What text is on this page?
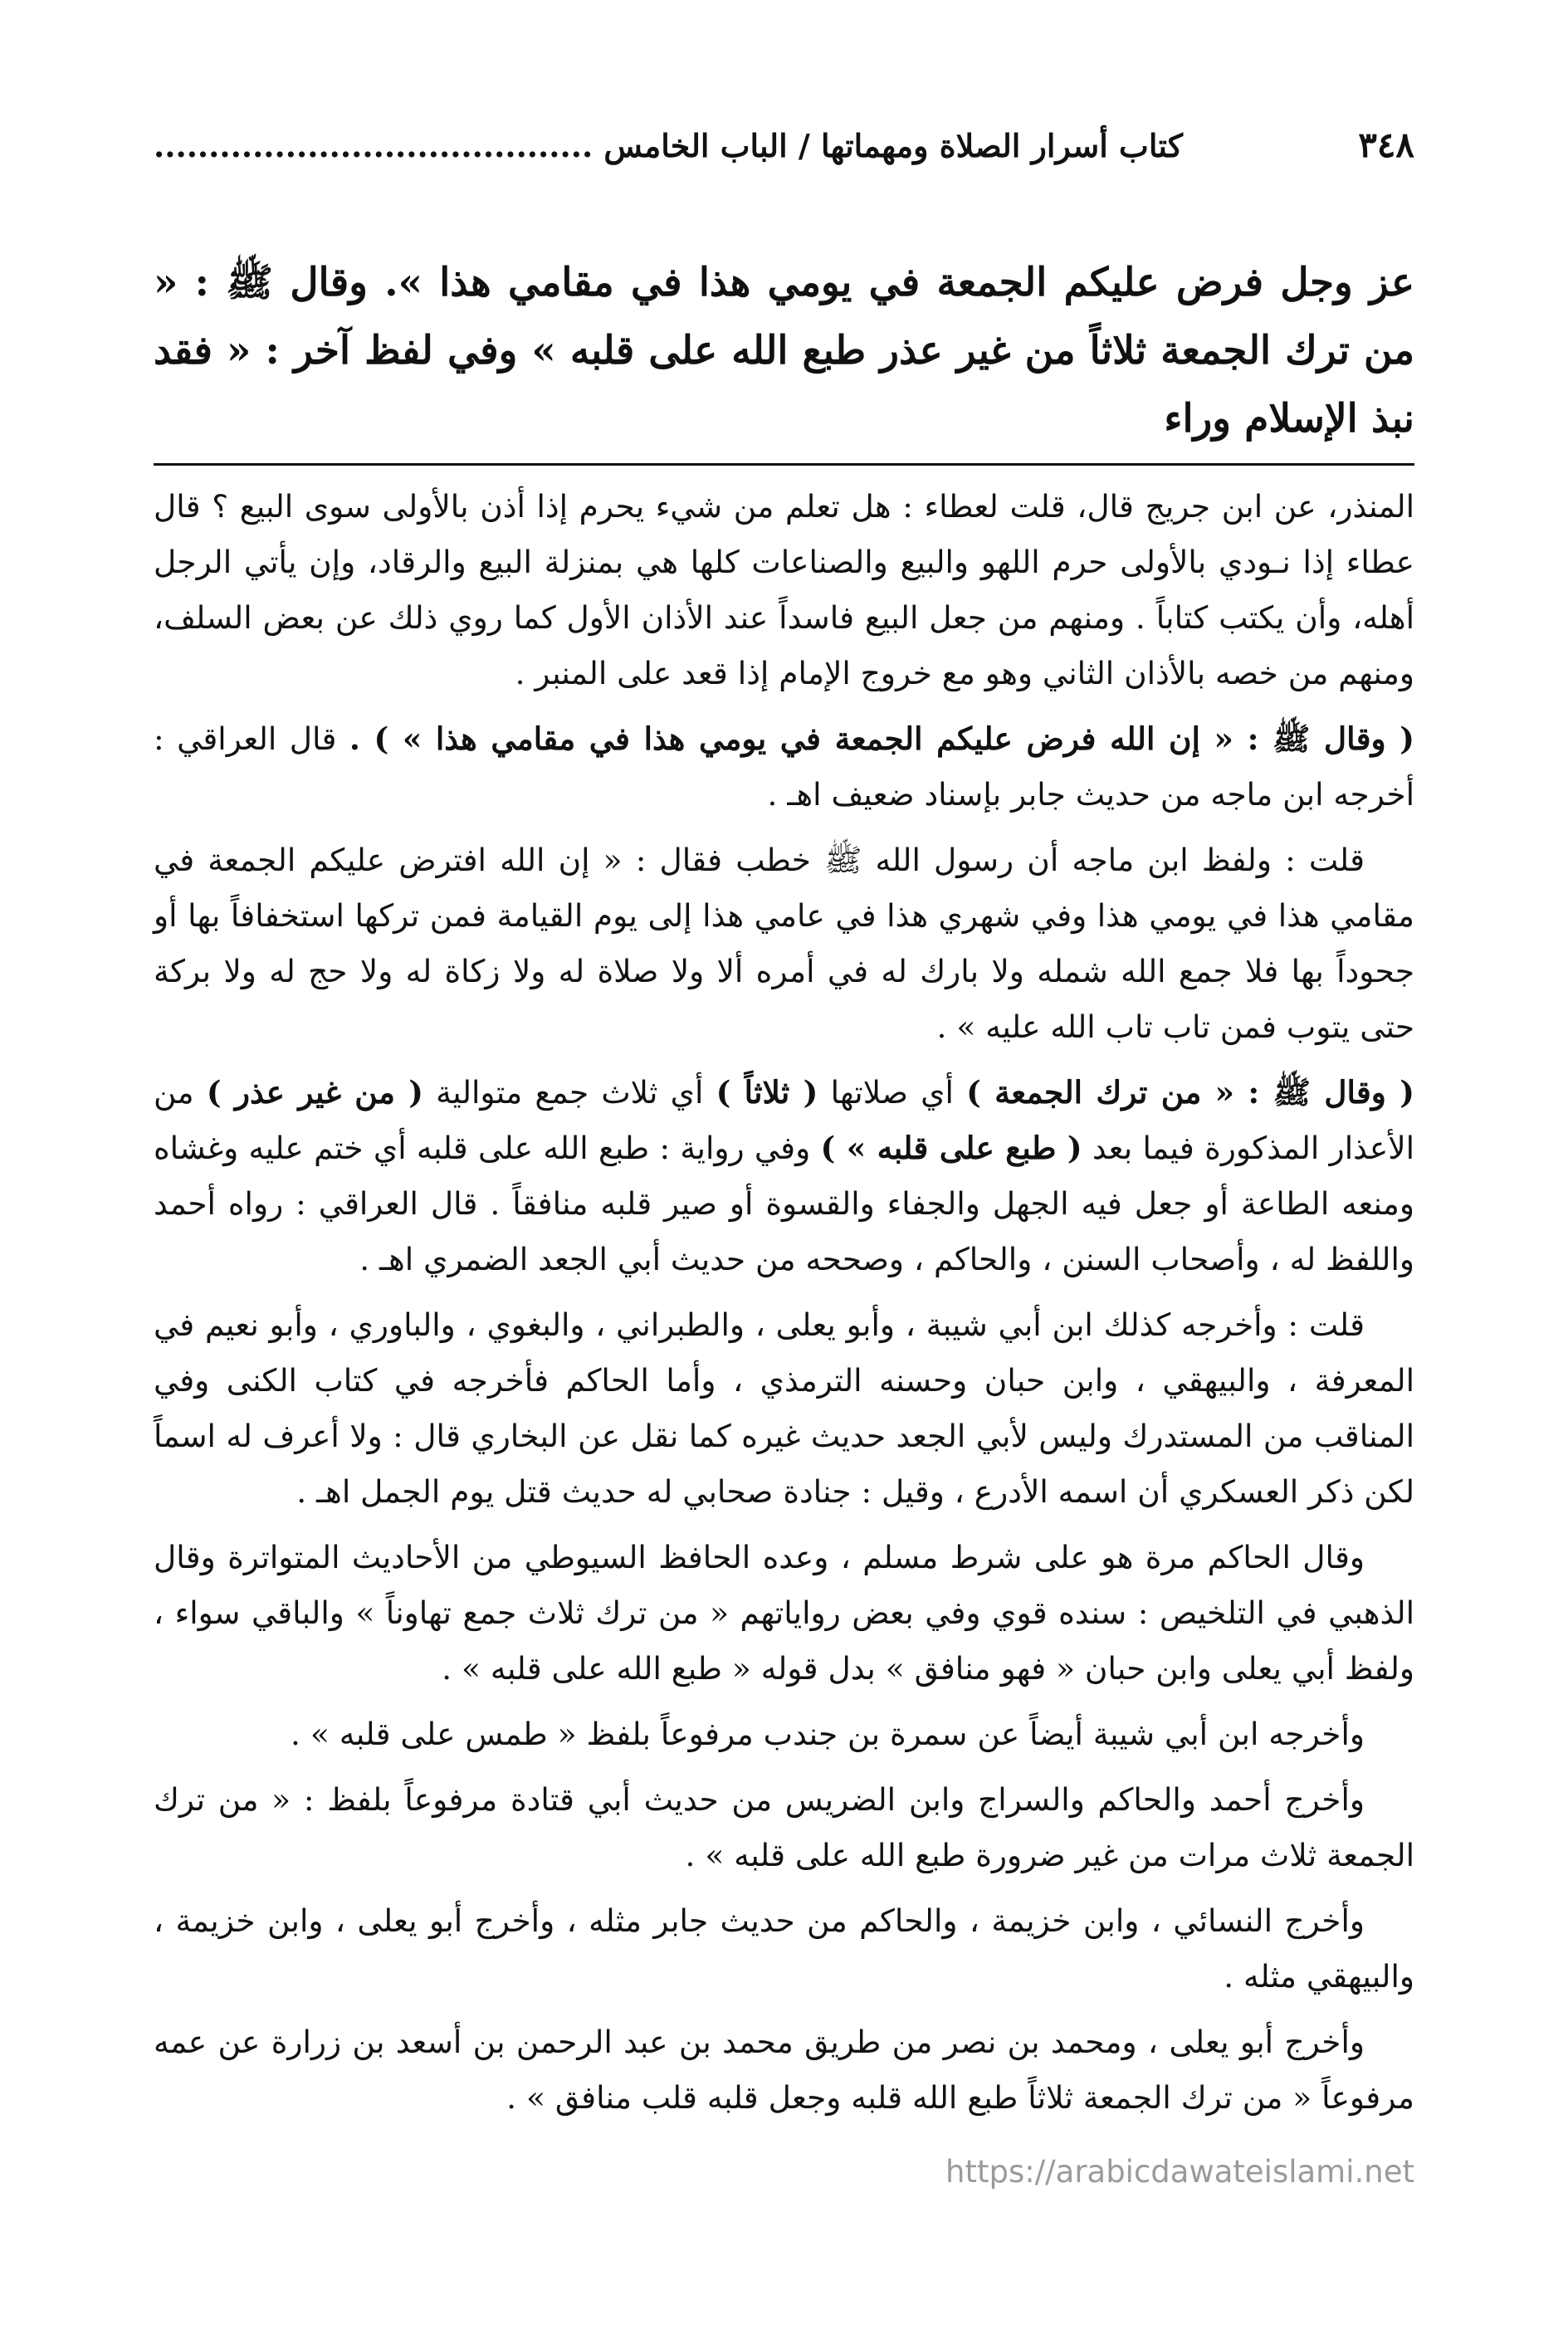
٣٤٨
كتاب أسرار الصلاة ومهماتها / الباب الخامس ........................................

عز وجل فرض عليكم الجمعة في يومي هذا في مقامي هذا ». وقال ﷺ : « من ترك الجمعة ثلاثاً من غير عذر طبع الله على قلبه » وفي لفظ آخر : « فقد نبذ الإسلام وراء

المنذر، عن ابن جريج قال، قلت لعطاء : هل تعلم من شيء يحرم إذا أذن بالأولى سوى البيع ؟ قال عطاء إذا نـودي بالأولى حرم اللهو والبيع والصناعات كلها هي بمنزلة البيع والرقاد، وإن يأتي الرجل أهله، وأن يكتب كتاباً . ومنهم من جعل البيع فاسداً عند الأذان الأول كما روي ذلك عن بعض السلف، ومنهم من خصه بالأذان الثاني وهو مع خروج الإمام إذا قعد على المنبر .

( وقال ﷺ : « إن الله فرض عليكم الجمعة في يومي هذا في مقامي هذا » ) . قال العراقي : أخرجه ابن ماجه من حديث جابر بإسناد ضعيف اهـ .

قلت : ولفظ ابن ماجه أن رسول الله ﷺ خطب فقال : « إن الله افترض عليكم الجمعة في مقامي هذا في يومي هذا وفي شهري هذا في عامي هذا إلى يوم القيامة فمن تركها استخفافاً بها أو جحوداً بها فلا جمع الله شمله ولا بارك له في أمره ألا ولا صلاة له ولا زكاة له ولا حج له ولا بركة حتى يتوب فمن تاب تاب الله عليه » .

( وقال ﷺ : « من ترك الجمعة ) أي صلاتها ( ثلاثاً ) أي ثلاث جمع متوالية ( من غير عذر ) من الأعذار المذكورة فيما بعد ( طبع على قلبه » ) وفي رواية : طبع الله على قلبه أي ختم عليه وغشاه ومنعه الطاعة أو جعل فيه الجهل والجفاء والقسوة أو صير قلبه منافقاً . قال العراقي : رواه أحمد واللفظ له ، وأصحاب السنن ، والحاكم ، وصححه من حديث أبي الجعد الضمري اهـ .

قلت : وأخرجه كذلك ابن أبي شيبة ، وأبو يعلى ، والطبراني ، والبغوي ، والباوري ، وأبو نعيم في المعرفة ، والبيهقي ، وابن حبان وحسنه الترمذي ، وأما الحاكم فأخرجه في كتاب الكنى وفي المناقب من المستدرك وليس لأبي الجعد حديث غيره كما نقل عن البخاري قال : ولا أعرف له اسماً لكن ذكر العسكري أن اسمه الأدرع ، وقيل : جنادة صحابي له حديث قتل يوم الجمل اهـ .

وقال الحاكم مرة هو على شرط مسلم ، وعده الحافظ السيوطي من الأحاديث المتواترة وقال الذهبي في التلخيص : سنده قوي وفي بعض رواياتهم « من ترك ثلاث جمع تهاوناً » والباقي سواء ، ولفظ أبي يعلى وابن حبان « فهو منافق » بدل قوله « طبع الله على قلبه » .

وأخرجه ابن أبي شيبة أيضاً عن سمرة بن جندب مرفوعاً بلفظ « طمس على قلبه » .

وأخرج أحمد والحاكم والسراج وابن الضريس من حديث أبي قتادة مرفوعاً بلفظ : « من ترك الجمعة ثلاث مرات من غير ضرورة طبع الله على قلبه » .

وأخرج النسائي ، وابن خزيمة ، والحاكم من حديث جابر مثله ، وأخرج أبو يعلى ، وابن خزيمة ، والبيهقي مثله .

وأخرج أبو يعلى ، ومحمد بن نصر من طريق محمد بن عبد الرحمن بن أسعد بن زرارة عن عمه مرفوعاً « من ترك الجمعة ثلاثاً طبع الله قلبه وجعل قلبه قلب منافق » .

https://arabicdawateislami.net
